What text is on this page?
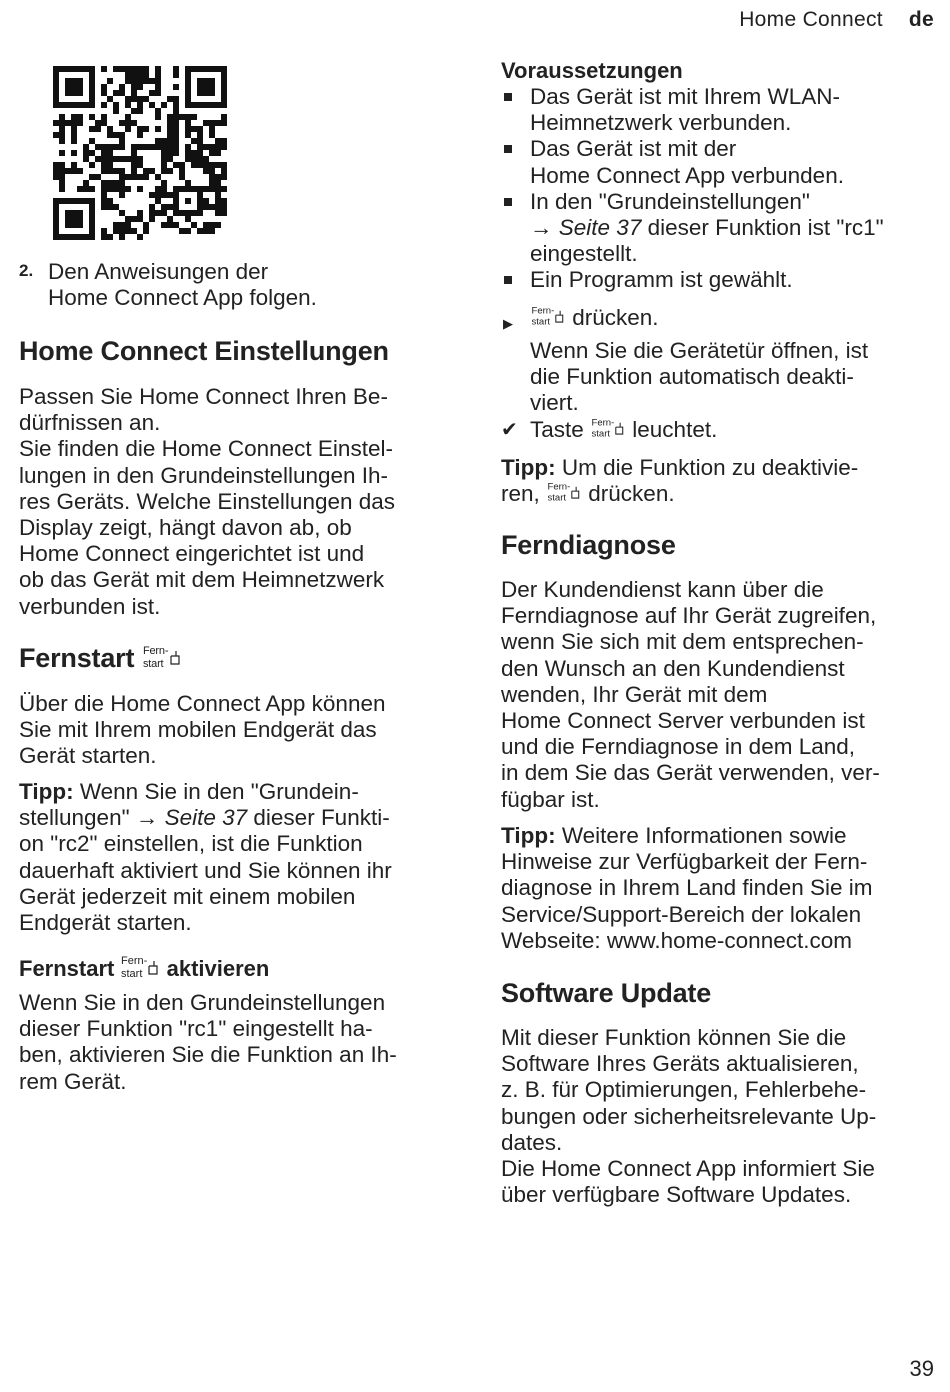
Home Connect de
2. Den Anweisungen der
Home Connect App folgen.

Home Connect Einstellungen
Passen Sie Home Connect Ihren Be-
dürfnissen an.
Sie finden die Home Connect Einstel-
lungen in den Grundeinstellungen Ih-
res Geräts. Welche Einstellungen das
Display zeigt, hängt davon ab, ob
Home Connect eingerichtet ist und
ob das Gerät mit dem Heimnetzwerk
verbunden ist.
Fernstart Fern-
start
Über die Home Connect App können
Sie mit Ihrem mobilen Endgerät das
Gerät starten.
Tipp: Wenn Sie in den "Grundein-
stellungen" → Seite 37 dieser Funkti-
on "rc2" einstellen, ist die Funktion
dauerhaft aktiviert und Sie können ihr
Gerät jederzeit mit einem mobilen
Endgerät starten.
Fernstart Fern-
start aktivieren
Wenn Sie in den Grundeinstellungen
dieser Funktion "rc1" eingestellt ha-
ben, aktivieren Sie die Funktion an Ih-
rem Gerät.
Voraussetzungen
Das Gerät ist mit Ihrem WLAN-
Heimnetzwerk verbunden.
Das Gerät ist mit der
Home Connect App verbunden.
In den "Grundeinstellungen"
→ Seite 37 dieser Funktion ist "rc1"
eingestellt.
Ein Programm ist gewählt.
▶
Fern-
start drücken.
Wenn Sie die Gerätetür öffnen, ist
die Funktion automatisch deakti-
viert.
✔ Taste Fern-
start leuchtet.
Tipp: Um die Funktion zu deaktivie-
ren, Fern-
start drücken.
Ferndiagnose
Der Kundendienst kann über die
Ferndiagnose auf Ihr Gerät zugreifen,
wenn Sie sich mit dem entsprechen-
den Wunsch an den Kundendienst
wenden, Ihr Gerät mit dem
Home Connect Server verbunden ist
und die Ferndiagnose in dem Land,
in dem Sie das Gerät verwenden, ver-
fügbar ist.
Tipp: Weitere Informationen sowie
Hinweise zur Verfügbarkeit der Fern-
diagnose in Ihrem Land finden Sie im
Service/Support-Bereich der lokalen
Webseite: www.home-connect.com
Software Update
Mit dieser Funktion können Sie die
Software Ihres Geräts aktualisieren,
z. B. für Optimierungen, Fehlerbehe-
bungen oder sicherheitsrelevante Up-
dates.
Die Home Connect App informiert Sie
über verfügbare Software Updates.
39
